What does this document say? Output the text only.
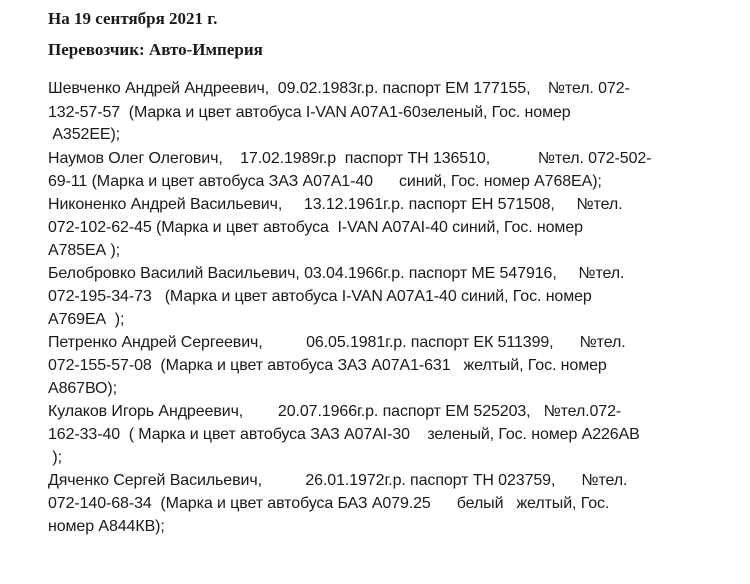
На 19 сентября 2021 г.

Перевозчик: Авто-Империя

Шевченко Андрей Андреевич,  09.02.1983г.р. паспорт ЕМ 177155,    №тел. 072-
132-57-57  (Марка и цвет автобуса I-VAN A07A1-60зеленый, Гос. номер
А352ЕЕ);
Наумов Олег Олегович,    17.02.1989г.р  паспорт ТН 136510,           №тел. 072-502-
69-11 (Марка и цвет автобуса ЗАЗ А07А1-40      синий, Гос. номер А768ЕА);
Никоненко Андрей Васильевич,     13.12.1961г.р. паспорт ЕН 571508,     №тел.
072-102-62-45 (Марка и цвет автобуса  I-VAN A07AI-40 синий, Гос. номер
А785ЕА );
Белобровко Василий Васильевич, 03.04.1966г.р. паспорт МЕ 547916,     №тел.
072-195-34-73   (Марка и цвет автобуса I-VAN A07A1-40 синий, Гос. номер
А769ЕА  );
Петренко Андрей Сергеевич,          06.05.1981г.р. паспорт ЕК 511399,      №тел.
072-155-57-08  (Марка и цвет автобуса ЗАЗ А07А1-631   желтый, Гос. номер
А867ВО);
Кулаков Игорь Андреевич,        20.07.1966г.р. паспорт ЕМ 525203,   №тел.072-
162-33-40  ( Марка и цвет автобуса ЗАЗ А07АI-30    зеленый, Гос. номер А226АВ
);
Дяченко Сергей Васильевич,          26.01.1972г.р. паспорт ТН 023759,      №тел.
072-140-68-34  (Марка и цвет автобуса БАЗ А079.25      белый   желтый, Гос.
номер А844КВ);
